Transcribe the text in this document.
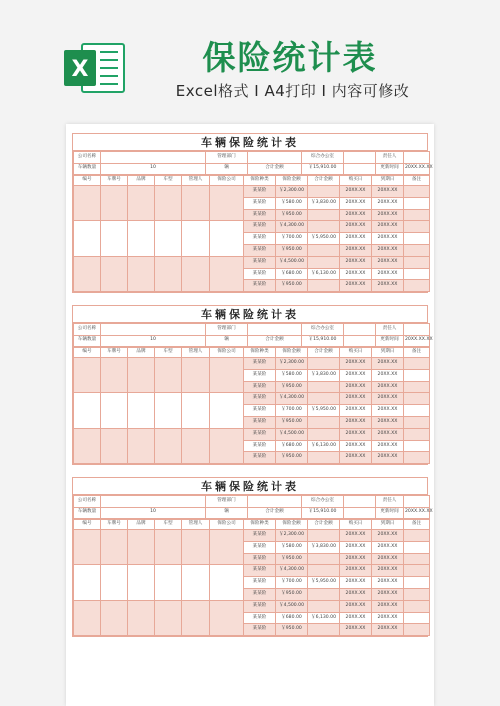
X	保险统计表
Excel格式 I A4打印 I 内容可修改
车辆保险统计表
公司名称		管理部门		综合办公室		责任人	
车辆数量	10	辆	合计金额	￥15,910.00		更新时间	20XX.XX.XX
编号	车牌号	品牌	车型	管理人	保险公司	保险种类	保险金额	合计金额	购买日	到期日	备注
						某某险	￥2,300.00		20XX.XX	20XX.XX	
						某某险	￥580.00	￥3,830.00	20XX.XX	20XX.XX	
						某某险	￥950.00		20XX.XX	20XX.XX	
						某某险	￥4,300.00		20XX.XX	20XX.XX	
						某某险	￥700.00	￥5,950.00	20XX.XX	20XX.XX	
						某某险	￥950.00		20XX.XX	20XX.XX	
						某某险	￥4,500.00		20XX.XX	20XX.XX	
						某某险	￥680.00	￥6,130.00	20XX.XX	20XX.XX	
						某某险	￥950.00		20XX.XX	20XX.XX	
车辆保险统计表
公司名称		管理部门		综合办公室		责任人	
车辆数量	10	辆	合计金额	￥15,910.00		更新时间	20XX.XX.XX
编号	车牌号	品牌	车型	管理人	保险公司	保险种类	保险金额	合计金额	购买日	到期日	备注
						某某险	￥2,300.00		20XX.XX	20XX.XX	
						某某险	￥580.00	￥3,830.00	20XX.XX	20XX.XX	
						某某险	￥950.00		20XX.XX	20XX.XX	
						某某险	￥4,300.00		20XX.XX	20XX.XX	
						某某险	￥700.00	￥5,950.00	20XX.XX	20XX.XX	
						某某险	￥950.00		20XX.XX	20XX.XX	
						某某险	￥4,500.00		20XX.XX	20XX.XX	
						某某险	￥680.00	￥6,130.00	20XX.XX	20XX.XX	
						某某险	￥950.00		20XX.XX	20XX.XX	
车辆保险统计表
公司名称		管理部门		综合办公室		责任人	
车辆数量	10	辆	合计金额	￥15,910.00		更新时间	20XX.XX.XX
编号	车牌号	品牌	车型	管理人	保险公司	保险种类	保险金额	合计金额	购买日	到期日	备注
						某某险	￥2,300.00		20XX.XX	20XX.XX	
						某某险	￥580.00	￥3,830.00	20XX.XX	20XX.XX	
						某某险	￥950.00		20XX.XX	20XX.XX	
						某某险	￥4,300.00		20XX.XX	20XX.XX	
						某某险	￥700.00	￥5,950.00	20XX.XX	20XX.XX	
						某某险	￥950.00		20XX.XX	20XX.XX	
						某某险	￥4,500.00		20XX.XX	20XX.XX	
						某某险	￥680.00	￥6,130.00	20XX.XX	20XX.XX	
						某某险	￥950.00		20XX.XX	20XX.XX	
